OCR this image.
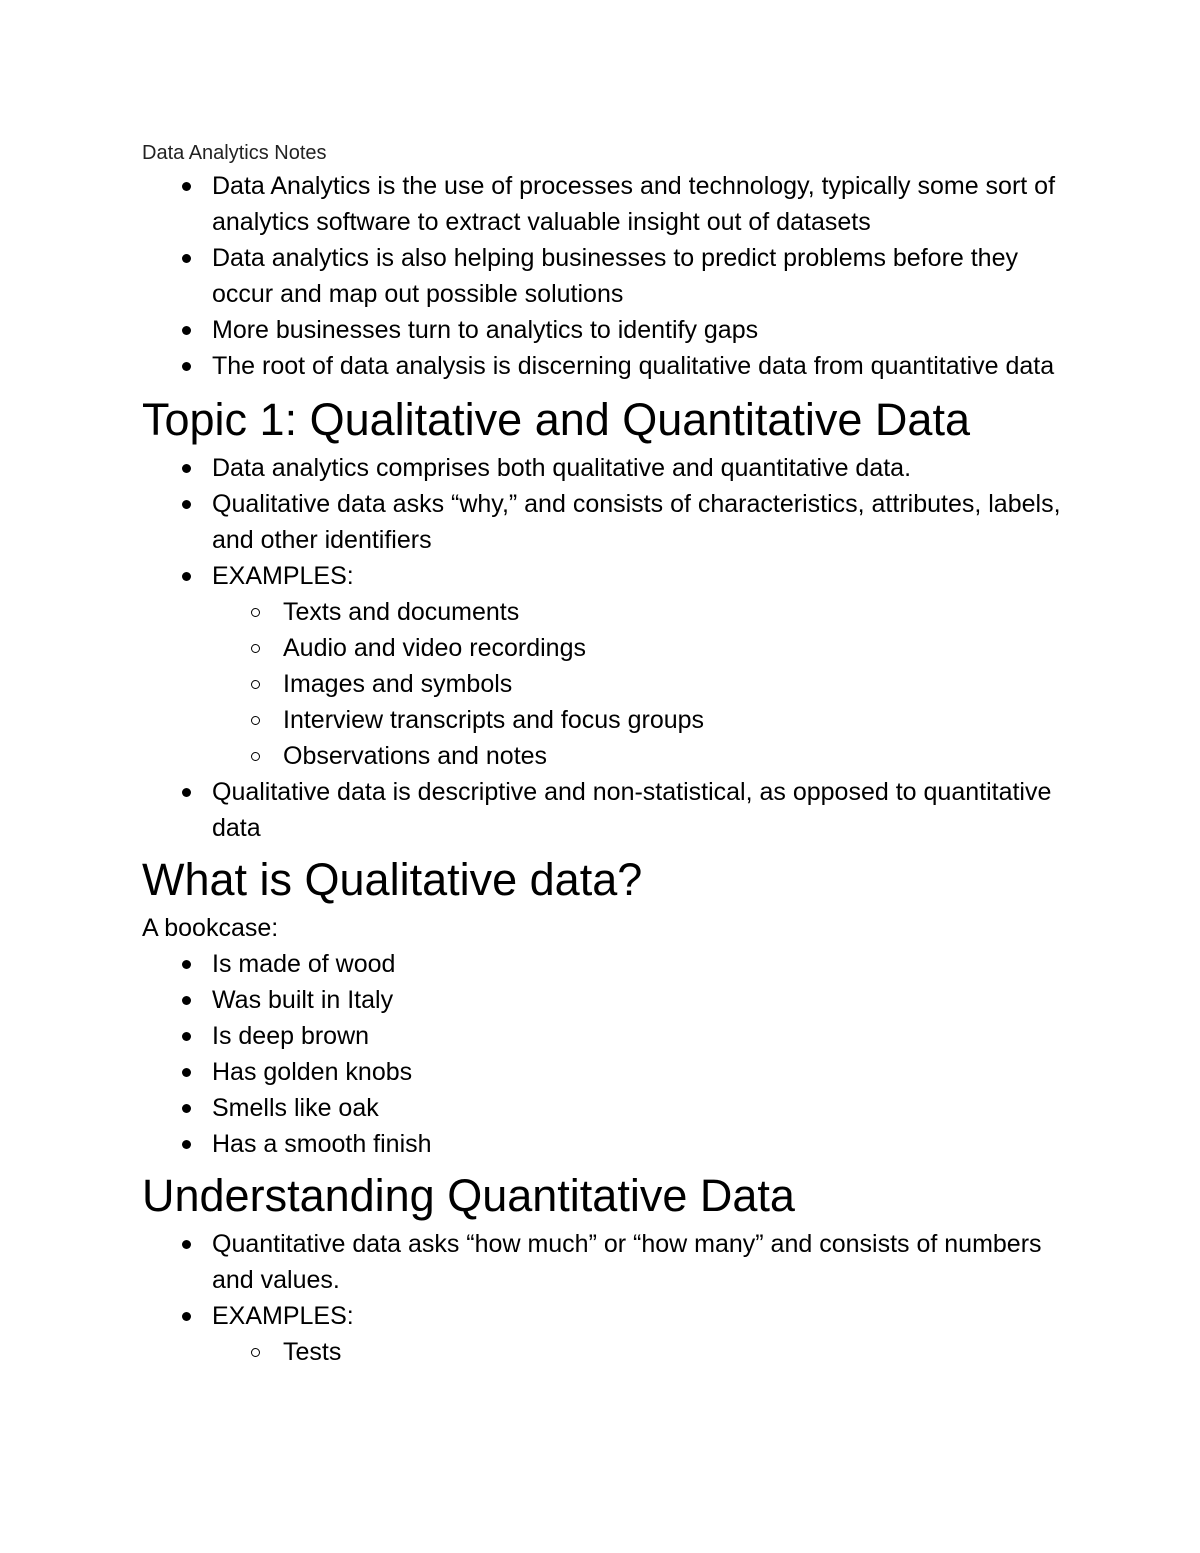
Data Analytics Notes

Data Analytics is the use of processes and technology, typically some sort of analytics software to extract valuable insight out of datasets
Data analytics is also helping businesses to predict problems before they occur and map out possible solutions
More businesses turn to analytics to identify gaps
The root of data analysis is discerning qualitative data from quantitative data
Topic 1: Qualitative and Quantitative Data
Data analytics comprises both qualitative and quantitative data.
Qualitative data asks “why,” and consists of characteristics, attributes, labels, and other identifiers
EXAMPLES:
Texts and documents
Audio and video recordings
Images and symbols
Interview transcripts and focus groups
Observations and notes
Qualitative data is descriptive and non-statistical, as opposed to quantitative data
What is Qualitative data?

A bookcase:

Is made of wood
Was built in Italy
Is deep brown
Has golden knobs
Smells like oak
Has a smooth finish
Understanding Quantitative Data
Quantitative data asks “how much” or “how many” and consists of numbers and values.
EXAMPLES:
Tests
